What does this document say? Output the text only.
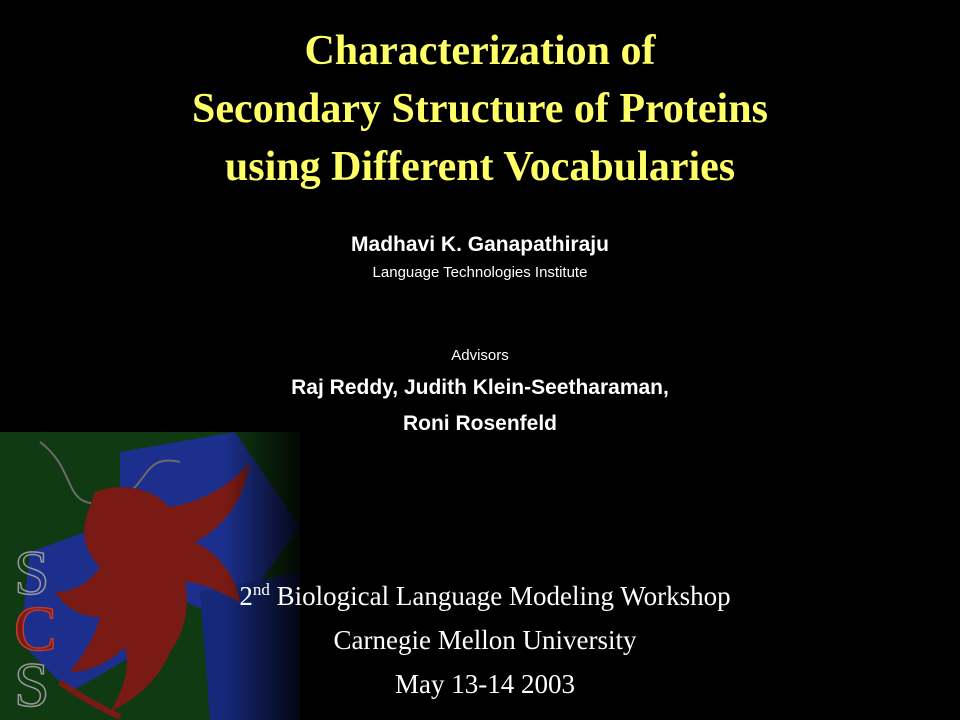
Characterization of
Secondary Structure of Proteins
using Different Vocabularies
Madhavi K. Ganapathiraju
Language Technologies Institute
Advisors
Raj Reddy, Judith Klein-Seetharaman,
Roni Rosenfeld
2nd Biological Language Modeling Workshop
Carnegie Mellon University
May 13-14 2003
